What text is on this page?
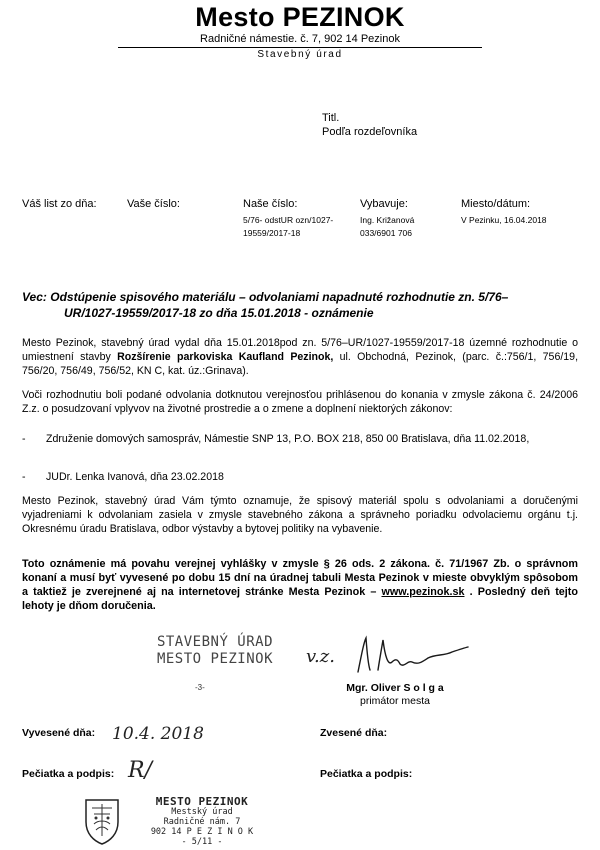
Mesto PEZINOK
Radničné námestie. č. 7, 902 14 Pezinok
Stavebný úrad
Titl.
Podľa rozdeľovníka
Váš list zo dňa:	Vaše číslo:	Naše číslo:
5/76- odstUR ozn/1027-
19559/2017-18
Vybavuje:
Ing. Križanová
033/6901 706
Miesto/dátum:
V Pezinku, 16.04.2018
Vec: Odstúpenie spisového materiálu – odvolaniami napadnuté rozhodnutie zn. 5/76–
UR/1027-19559/2017-18 zo dňa 15.01.2018 - oznámenie
Mesto Pezinok, stavebný úrad vydal dňa 15.01.2018pod zn. 5/76–UR/1027-19559/2017-18 územné rozhodnutie o umiestnení stavby Rozšírenie parkoviska Kaufland Pezinok, ul. Obchodná, Pezinok, (parc. č.:756/1, 756/19, 756/20, 756/49, 756/52, KN C, kat. úz.:Grinava).
Voči rozhodnutiu boli podané odvolania dotknutou verejnosťou prihlásenou do konania v zmysle zákona č. 24/2006 Z.z. o posudzovaní vplyvov na životné prostredie a o zmene a doplnení niektorých zákonov:
- Združenie domových samospráv, Námestie SNP 13, P.O. BOX 218, 850 00 Bratislava, dňa 11.02.2018,
- JUDr. Lenka Ivanová, dňa 23.02.2018
Mesto Pezinok, stavebný úrad Vám týmto oznamuje, že spisový materiál spolu s odvolaniami a doručenými vyjadreniami k odvolaniam zasiela v zmysle stavebného zákona a správneho poriadku odvolaciemu orgánu t.j. Okresnému úradu Bratislava, odbor výstavby a bytovej politiky na vybavenie.
Toto oznámenie má povahu verejnej vyhlášky v zmysle § 26 ods. 2 zákona. č. 71/1967 Zb. o správnom konaní a musí byť vyvesené po dobu 15 dní na úradnej tabuli Mesta Pezinok v mieste obvyklým spôsobom a taktiež je zverejnené aj na internetovej stránke Mesta Pezinok – www.pezinok.sk . Posledný deň tejto lehoty je dňom doručenia.
STAVEBNÝ ÚRAD
MESTO PEZINOK
-3-
v.z.
Mgr. Oliver S o l g a
primátor mesta
Vyvesené dňa: 10.4. 2018	Zvesené dňa:
Pečiatka a podpis: R/	Pečiatka a podpis:
MESTO PEZINOK
Mestský úrad
Radničné nám. 7
902 14 P E Z I N O K
- 5/11 -
